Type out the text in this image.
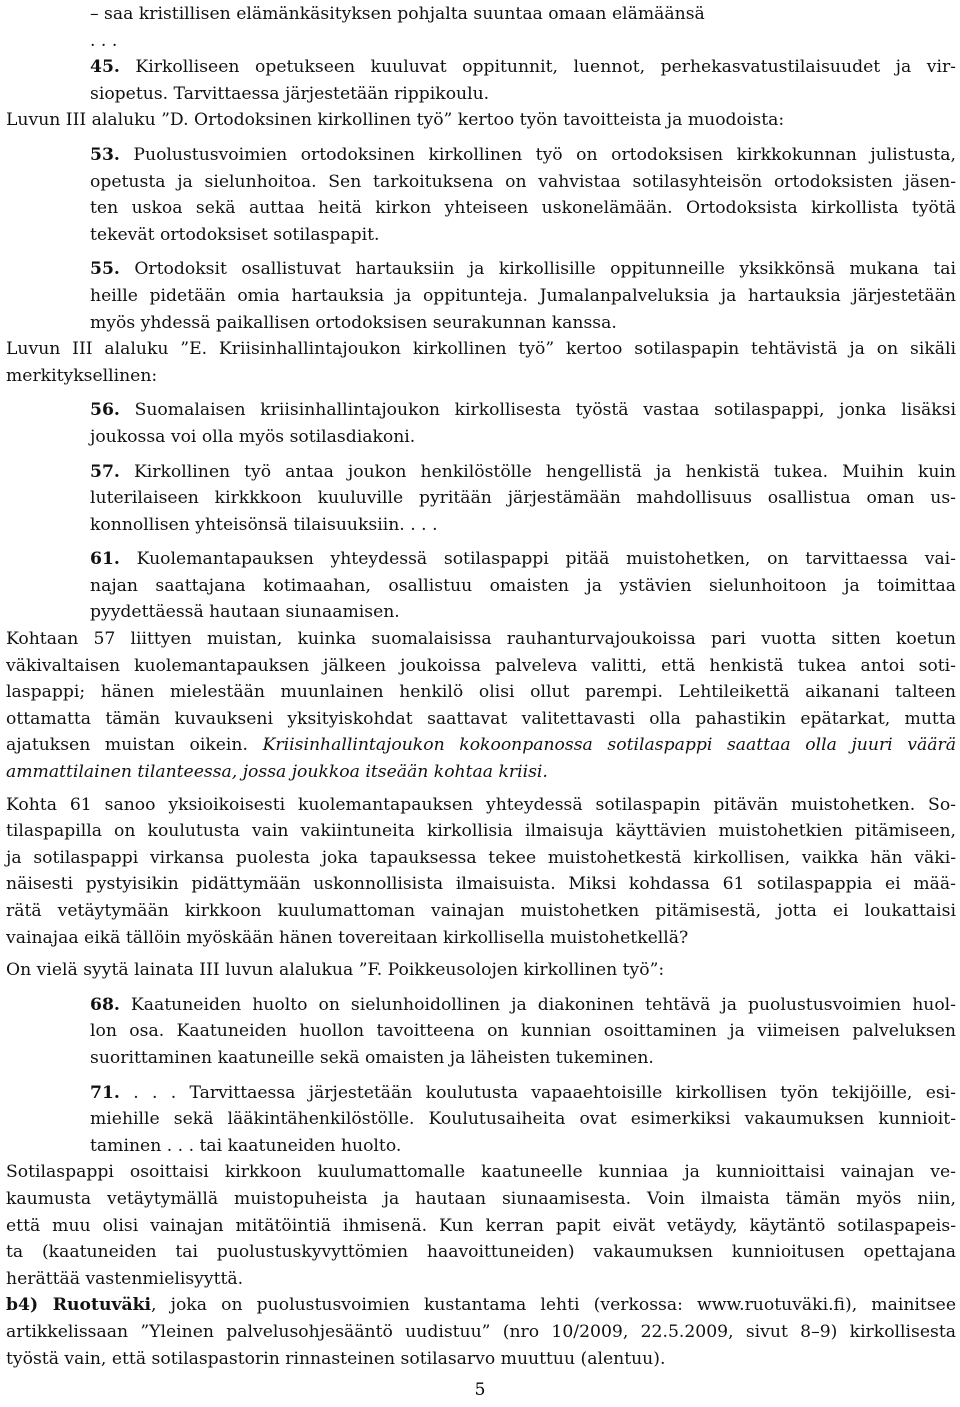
– saa kristillisen elämänkäsityksen pohjalta suuntaa omaan elämäänsä
. . .
45. Kirkolliseen opetukseen kuuluvat oppitunnit, luennot, perhekasvatustilaisuudet ja vir-
siopetus. Tarvittaessa järjestetään rippikoulu.
Luvun III alaluku ”D. Ortodoksinen kirkollinen työ” kertoo työn tavoitteista ja muodoista:
53. Puolustusvoimien ortodoksinen kirkollinen työ on ortodoksisen kirkkokunnan julistusta,
opetusta ja sielunhoitoa. Sen tarkoituksena on vahvistaa sotilasyhteisön ortodoksisten jäsen-
ten uskoa sekä auttaa heitä kirkon yhteiseen uskonelämään. Ortodoksista kirkollista työtä
tekevät ortodoksiset sotilaspapit.
55. Ortodoksit osallistuvat hartauksiin ja kirkollisille oppitunneille yksikkönsä mukana tai
heille pidetään omia hartauksia ja oppitunteja. Jumalanpalveluksia ja hartauksia järjestetään
myös yhdessä paikallisen ortodoksisen seurakunnan kanssa.
Luvun III alaluku ”E. Kriisinhallintajoukon kirkollinen työ” kertoo sotilaspapin tehtävistä ja on sikäli
merkityksellinen:
56. Suomalaisen kriisinhallintajoukon kirkollisesta työstä vastaa sotilaspappi, jonka lisäksi
joukossa voi olla myös sotilasdiakoni.
57. Kirkollinen työ antaa joukon henkilöstölle hengellistä ja henkistä tukea. Muihin kuin
luterilaiseen kirkkkoon kuuluville pyritään järjestämään mahdollisuus osallistua oman us-
konnollisen yhteisönsä tilaisuuksiin. . . .
61. Kuolemantapauksen yhteydessä sotilaspappi pitää muistohetken, on tarvittaessa vai-
najan saattajana kotimaahan, osallistuu omaisten ja ystävien sielunhoitoon ja toimittaa
pyydettäessä hautaan siunaamisen.
Kohtaan 57 liittyen muistan, kuinka suomalaisissa rauhanturvajoukoissa pari vuotta sitten koetun
väkivaltaisen kuolemantapauksen jälkeen joukoissa palveleva valitti, että henkistä tukea antoi soti-
laspappi; hänen mielestään muunlainen henkilö olisi ollut parempi. Lehtileikettä aikanani talteen
ottamatta tämän kuvaukseni yksityiskohdat saattavat valitettavasti olla pahastikin epätarkat, mutta
ajatuksen muistan oikein. Kriisinhallintajoukon kokoonpanossa sotilaspappi saattaa olla juuri väärä
ammattilainen tilanteessa, jossa joukkoa itseään kohtaa kriisi.
Kohta 61 sanoo yksioikoisesti kuolemantapauksen yhteydessä sotilaspapin pitävän muistohetken. So-
tilaspapilla on koulutusta vain vakiintuneita kirkollisia ilmaisuja käyttävien muistohetkien pitämiseen,
ja sotilaspappi virkansa puolesta joka tapauksessa tekee muistohetkestä kirkollisen, vaikka hän väki-
näisesti pystyisikin pidättymään uskonnollisista ilmaisuista. Miksi kohdassa 61 sotilaspappia ei mää-
rätä vetäytymään kirkkoon kuulumattoman vainajan muistohetken pitämisestä, jotta ei loukattaisi
vainajaa eikä tällöin myöskään hänen tovereitaan kirkollisella muistohetkellä?
On vielä syytä lainata III luvun alalukua ”F. Poikkeusolojen kirkollinen työ”:
68. Kaatuneiden huolto on sielunhoidollinen ja diakoninen tehtävä ja puolustusvoimien huol-
lon osa. Kaatuneiden huollon tavoitteena on kunnian osoittaminen ja viimeisen palveluksen
suorittaminen kaatuneille sekä omaisten ja läheisten tukeminen.
71. . . . Tarvittaessa järjestetään koulutusta vapaaehtoisille kirkollisen työn tekijöille, esi-
miehille sekä lääkintähenkilöstölle. Koulutusaiheita ovat esimerkiksi vakaumuksen kunnioit-
taminen . . . tai kaatuneiden huolto.
Sotilaspappi osoittaisi kirkkoon kuulumattomalle kaatuneelle kunniaa ja kunnioittaisi vainajan ve-
kaumusta vetäytymällä muistopuheista ja hautaan siunaamisesta. Voin ilmaista tämän myös niin,
että muu olisi vainajan mitätöintiä ihmisenä. Kun kerran papit eivät vetäydy, käytäntö sotilaspapeis-
ta (kaatuneiden tai puolustuskyvyttömien haavoittuneiden) vakaumuksen kunnioitusen opettajana
herättää vastenmielisyyttä.
b4) Ruotuväki, joka on puolustusvoimien kustantama lehti (verkossa: www.ruotuväki.fi), mainitsee
artikkelissaan ”Yleinen palvelusohjesääntö uudistuu” (nro 10/2009, 22.5.2009, sivut 8–9) kirkollisesta
työstä vain, että sotilaspastorin rinnasteinen sotilasarvo muuttuu (alentuu).
5
